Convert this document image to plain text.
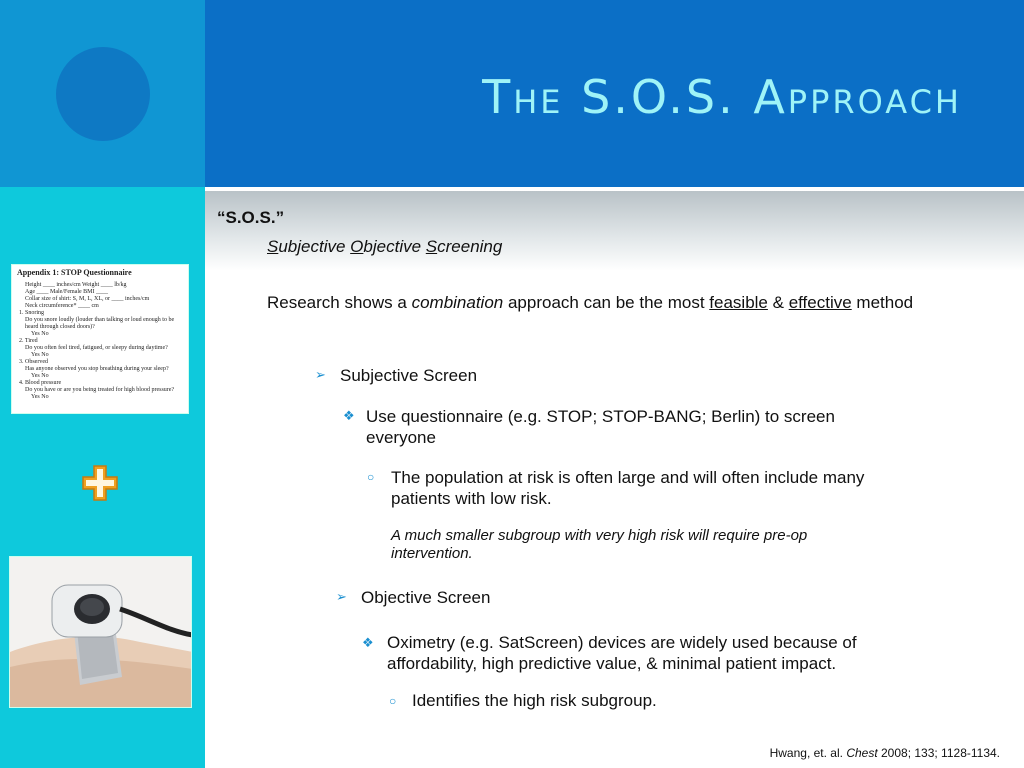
The S.O.S. Approach
Appendix 1: STOP Questionnaire
Height ____ inches/cm Weight ____ lb/kg
Age ____ Male/Female BMI ____
Collar size of shirt: S, M, L, XL, or ____ inches/cm
Neck circumference* ____ cm
1. Snoring
Do you snore loudly (louder than talking or loud enough to be heard through closed doors)?
Yes No
2. Tired
Do you often feel tired, fatigued, or sleepy during daytime?
Yes No
3. Observed
Has anyone observed you stop breathing during your sleep?
Yes No
4. Blood pressure
Do you have or are you being treated for high blood pressure?
Yes No

“S.O.S.”

Subjective Objective Screening

Research shows a combination approach can be the most feasible & effective method

➢ Subjective Screen

❖ Use questionnaire (e.g. STOP; STOP-BANG; Berlin) to screen everyone

○ The population at risk is often large and will often include many patients with low risk.

A much smaller subgroup with very high risk will require pre-op intervention.

➢ Objective Screen

❖ Oximetry (e.g. SatScreen) devices are widely used because of affordability, high predictive value, & minimal patient impact.

○ Identifies the high risk subgroup.

Hwang, et. al. Chest 2008; 133; 1128-1134.
